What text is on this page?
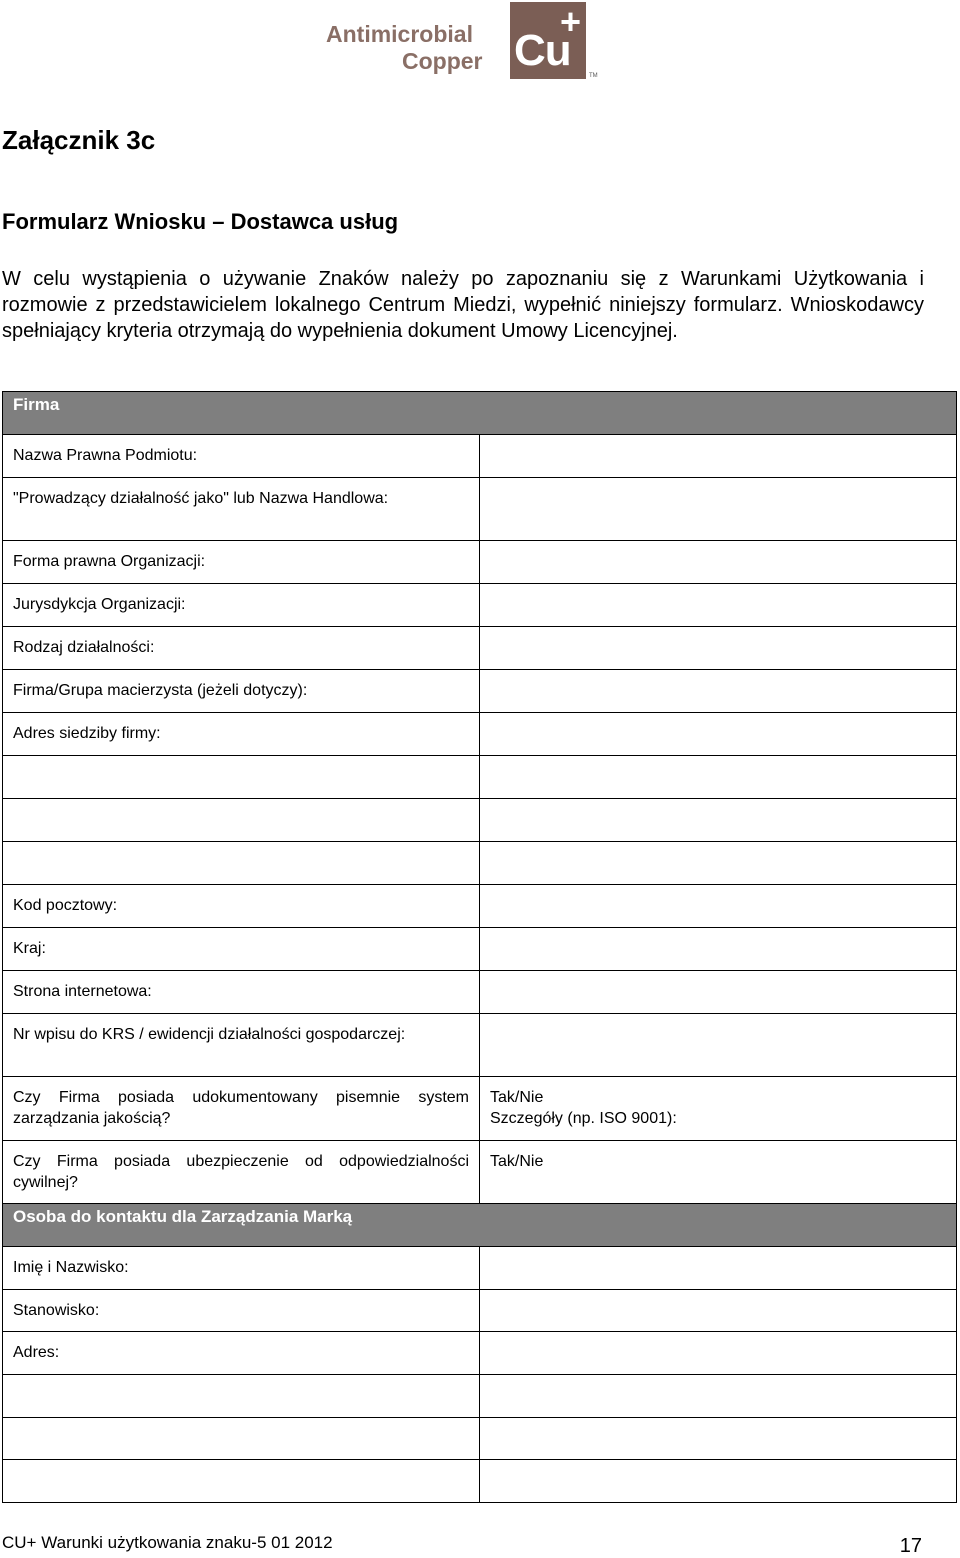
Antimicrobial
Copper Cu
+
TM
Załącznik 3c
Formularz Wniosku – Dostawca usług

W celu wystąpienia o używanie Znaków należy po zapoznaniu się z Warunkami Użytkowania i rozmowie z przedstawicielem lokalnego Centrum Miedzi, wypełnić niniejszy formularz. Wnioskodawcy spełniający kryteria otrzymają do wypełnienia dokument Umowy Licencyjnej.

Firma	
Nazwa Prawna Podmiotu:	
"Prowadzący działalność jako" lub Nazwa Handlowa:	
Forma prawna Organizacji:	
Jurysdykcja Organizacji:	
Rodzaj działalności:	
Firma/Grupa macierzysta (jeżeli dotyczy):	
Adres siedziby firmy:	

Kod pocztowy:	
Kraj:	
Strona internetowa:	
Nr wpisu do KRS / ewidencji działalności gospodarczej:	
Czy Firma posiada udokumentowany pisemnie system zarządzania jakością?	Tak/Nie
Szczegóły (np. ISO 9001):

Czy Firma posiada ubezpieczenie od odpowiedzialności cywilnej?	Tak/Nie

Osoba do kontaktu dla Zarządzania Marką	
Imię i Nazwisko:	
Stanowisko:	
Adres:	

CU+ Warunki użytkowania znaku-5 01 2012	17
